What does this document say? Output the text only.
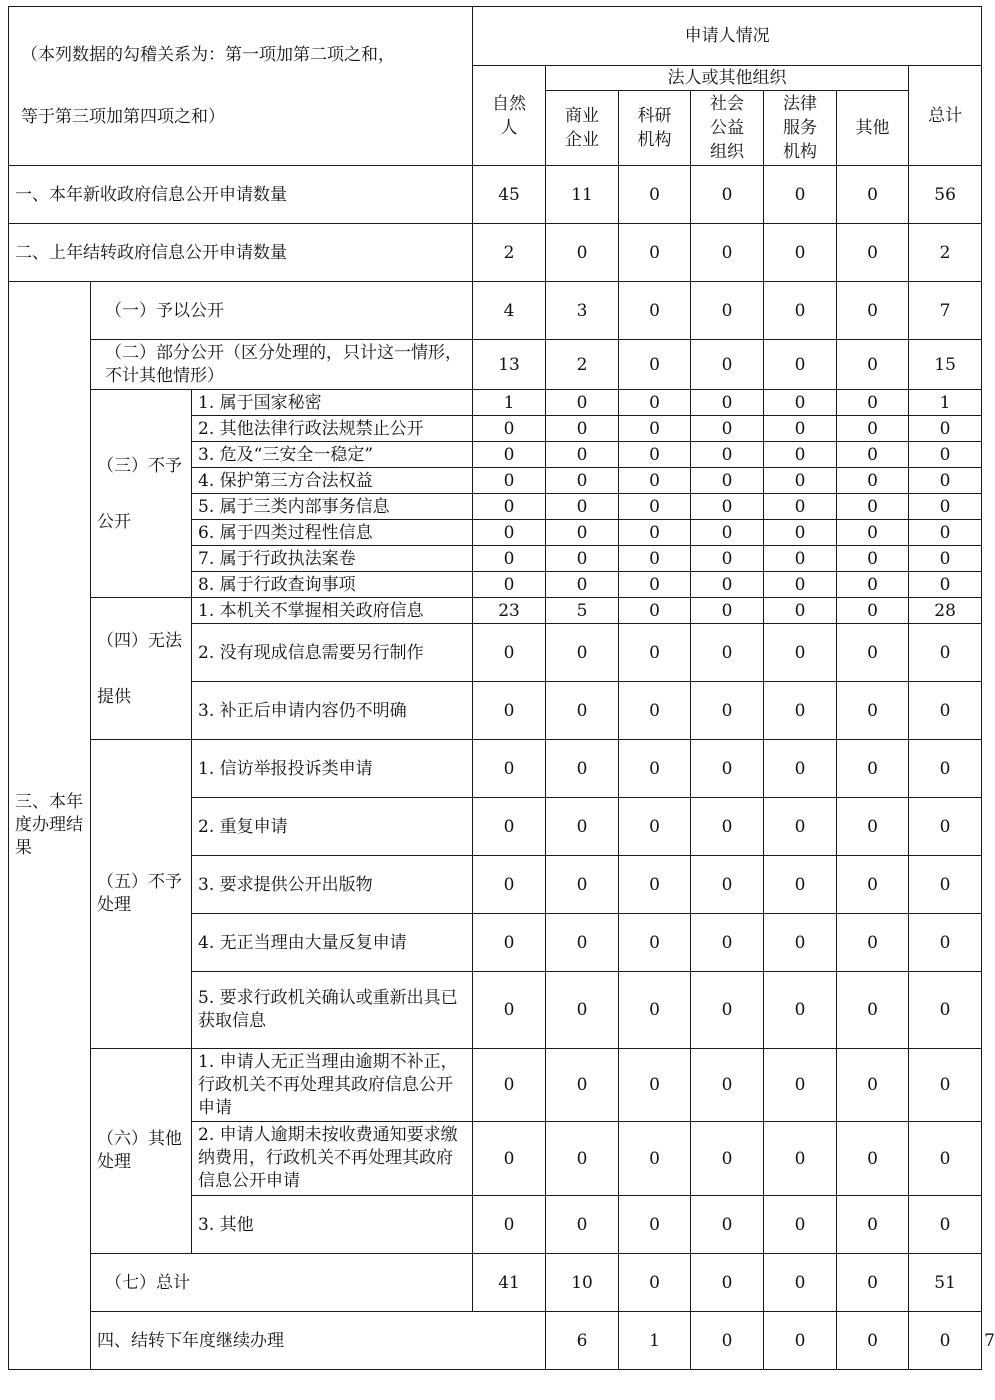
（本列数据的勾稽关系为：第一项加第二项之和，
等于第三项加第四项之和）			申请人情况							
			自然人	法人或其他组织					总计	
				商业企业	科研机构	社会公益组织	法律服务机构	其他		
一、本年新收政府信息公开申请数量			45	11	0	0	0	0	56	
二、上年结转政府信息公开申请数量			2	0	0	0	0	0	2	
三、本年度办理结果	（一）予以公开		4	3	0	0	0	0	7	
	（二）部分公开（区分处理的，只计这一情形，不计其他情形）		13	2	0	0	0	0	15	
	（三）不予公开	1. 属于国家秘密	1	0	0	0	0	0	1	
		2. 其他法律行政法规禁止公开	0	0	0	0	0	0	0	
		3. 危及“三安全一稳定”	0	0	0	0	0	0	0	
		4. 保护第三方合法权益	0	0	0	0	0	0	0	
		5. 属于三类内部事务信息	0	0	0	0	0	0	0	
		6. 属于四类过程性信息	0	0	0	0	0	0	0	
		7. 属于行政执法案卷	0	0	0	0	0	0	0	
		8. 属于行政查询事项	0	0	0	0	0	0	0	
	（四）无法提供	1. 本机关不掌握相关政府信息	23	5	0	0	0	0	28	
		2. 没有现成信息需要另行制作	0	0	0	0	0	0	0	
		3. 补正后申请内容仍不明确	0	0	0	0	0	0	0	
	（五）不予处理	1. 信访举报投诉类申请	0	0	0	0	0	0	0	
		2. 重复申请	0	0	0	0	0	0	0	
		3. 要求提供公开出版物	0	0	0	0	0	0	0	
		4. 无正当理由大量反复申请	0	0	0	0	0	0	0	
		5. 要求行政机关确认或重新出具已获取信息	0	0	0	0	0	0	0	
	（六）其他处理	1. 申请人无正当理由逾期不补正，行政机关不再处理其政府信息公开申请	0	0	0	0	0	0	0	
		2. 申请人逾期未按收费通知要求缴纳费用，行政机关不再处理其政府信息公开申请	0	0	0	0	0	0	0	
		3. 其他	0	0	0	0	0	0	0	
	（七）总计		41	10	0	0	0	0	51	
	四、结转下年度继续办理			6	1	0	0	0	0	7
